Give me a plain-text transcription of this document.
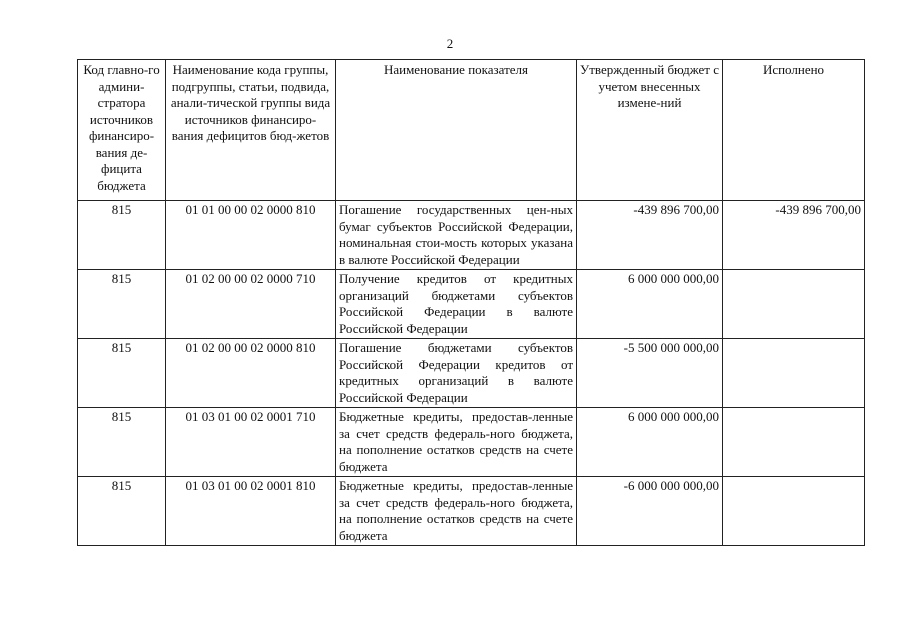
2
Код главно-го админи-стратора источников финансиро-вания де-фицита бюджета	Наименование кода группы, подгруппы, статьи, подвида, анали-тической группы вида источников финансиро-вания дефицитов бюд-жетов	Наименование показателя	Утвержденный бюджет с учетом внесенных измене-ний	Исполнено
815	01 01 00 00 02 0000 810	Погашение государственных цен-ных бумаг субъектов Российской Федерации, номинальная стои-мость которых указана в валюте Российской Федерации	-439 896 700,00	-439 896 700,00
815	01 02 00 00 02 0000 710	Получение кредитов от кредитных организаций бюджетами субъектов Российской Федерации в валюте Российской Федерации	6 000 000 000,00	
815	01 02 00 00 02 0000 810	Погашение бюджетами субъектов Российской Федерации кредитов от кредитных организаций в валюте Российской Федерации	-5 500 000 000,00	
815	01 03 01 00 02 0001 710	Бюджетные кредиты, предостав-ленные за счет средств федераль-ного бюджета, на пополнение остатков средств на счете бюджета	6 000 000 000,00	
815	01 03 01 00 02 0001 810	Бюджетные кредиты, предостав-ленные за счет средств федераль-ного бюджета, на пополнение остатков средств на счете бюджета	-6 000 000 000,00	
